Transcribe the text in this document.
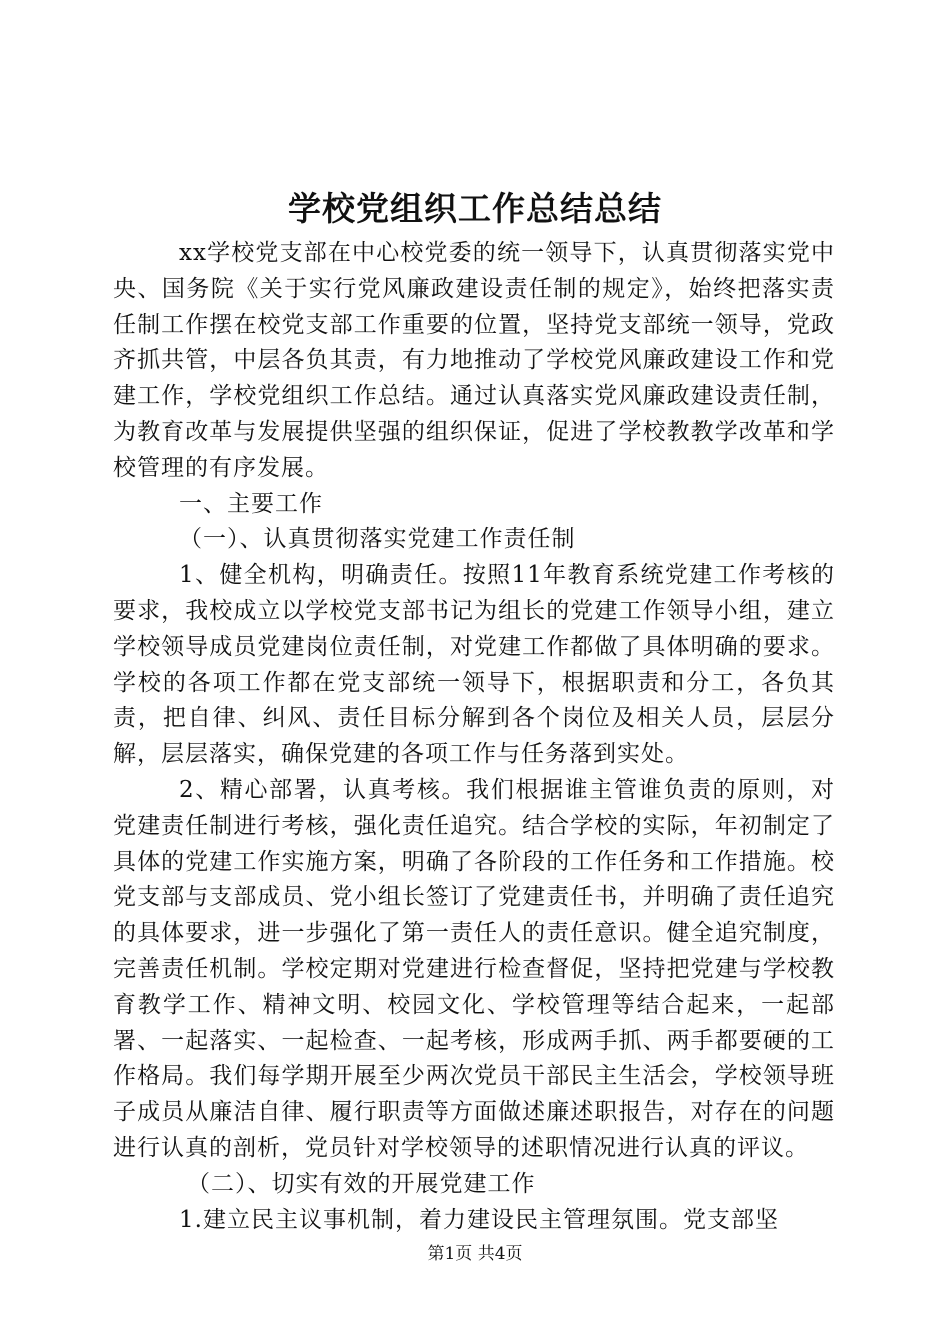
学校党组织工作总结总结

xx学校党支部在中心校党委的统一领导下，认真贯彻落实党中央、国务院《关于实行党风廉政建设责任制的规定》，始终把落实责任制工作摆在校党支部工作重要的位置，坚持党支部统一领导，党政齐抓共管，中层各负其责，有力地推动了学校党风廉政建设工作和党建工作，学校党组织工作总结。通过认真落实党风廉政建设责任制，为教育改革与发展提供坚强的组织保证，促进了学校教教学改革和学校管理的有序发展。

一、主要工作

（一）、认真贯彻落实党建工作责任制

1、健全机构，明确责任。按照11年教育系统党建工作考核的要求，我校成立以学校党支部书记为组长的党建工作领导小组，建立学校领导成员党建岗位责任制，对党建工作都做了具体明确的要求。学校的各项工作都在党支部统一领导下，根据职责和分工，各负其责，把自律、纠风、责任目标分解到各个岗位及相关人员，层层分解，层层落实，确保党建的各项工作与任务落到实处。

2、精心部署，认真考核。我们根据谁主管谁负责的原则，对党建责任制进行考核，强化责任追究。结合学校的实际，年初制定了具体的党建工作实施方案，明确了各阶段的工作任务和工作措施。校党支部与支部成员、党小组长签订了党建责任书，并明确了责任追究的具体要求，进一步强化了第一责任人的责任意识。健全追究制度，完善责任机制。学校定期对党建进行检查督促，坚持把党建与学校教育教学工作、精神文明、校园文化、学校管理等结合起来，一起部署、一起落实、一起检查、一起考核，形成两手抓、两手都要硬的工作格局。我们每学期开展至少两次党员干部民主生活会，学校领导班子成员从廉洁自律、履行职责等方面做述廉述职报告，对存在的问题进行认真的剖析，党员针对学校领导的述职情况进行认真的评议。

（二）、切实有效的开展党建工作

1.建立民主议事机制，着力建设民主管理氛围。党支部坚

第1页 共4页
